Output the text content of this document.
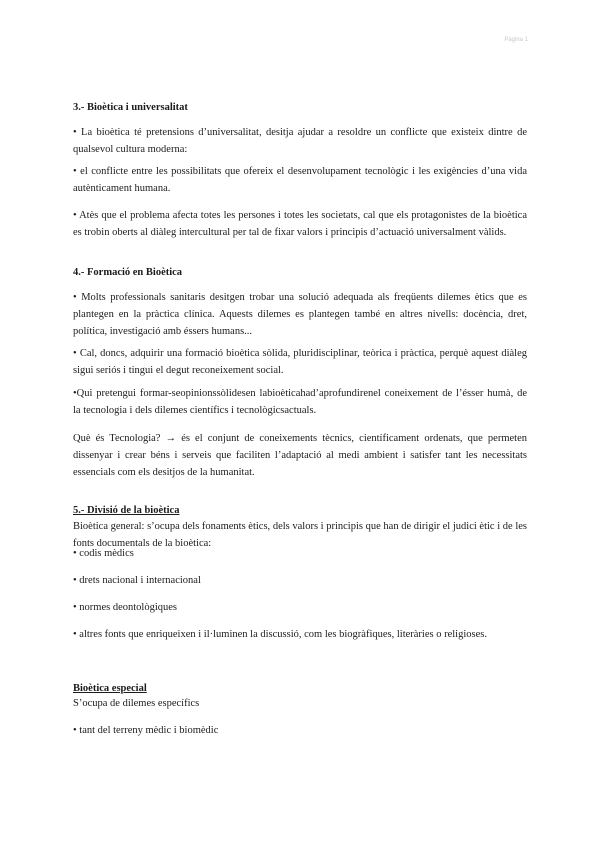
Pàgina 1
3.- Bioètica i universalitat

• La bioètica té pretensions d’universalitat, desitja ajudar a resoldre un conflicte que existeix dintre de qualsevol cultura moderna:

• el conflicte entre les possibilitats que ofereix el desenvolupament tecnològic i les exigències d’una vida autènticament humana.

• Atès que el problema afecta totes les persones i totes les societats, cal que els protagonistes de la bioètica es trobin oberts al diàleg intercultural per tal de fixar valors i principis d’actuació universalment vàlids.

4.- Formació en Bioètica

• Molts professionals sanitaris desitgen trobar una solució adequada als freqüents dilemes ètics que es plantegen en la pràctica clínica. Aquests dilemes es plantegen també en altres nivells: docència, dret, política, investigació amb éssers humans...

• Cal, doncs, adquirir una formació bioètica sòlida, pluridisciplinar, teòrica i pràctica, perquè aquest diàleg sigui seriós i tingui el degut reconeixement social.

•Qui pretengui formar-seopinionssòlidesen labioèticahad’aprofundirenel coneixement de l’ésser humà, de la tecnologia i dels dilemes científics i tecnològicsactuals.

Què és Tecnologia? → és el conjunt de coneixements tècnics, científicament ordenats, que permeten dissenyar i crear béns i serveis que faciliten l’adaptació al medi ambient i satisfer tant les necessitats essencials com els desitjos de la humanitat.

5.- Divisió de la bioètica

Bioètica general: s’ocupa dels fonaments ètics, dels valors i principis que han de dirigir el judici ètic i de les fonts documentals de la bioètica:

• codis mèdics

• drets nacional i internacional

• normes deontològiques

• altres fonts que enriqueixen i il·luminen la discussió, com les biogràfiques, literàries o religioses.

Bioètica especial

S’ocupa de dilemes específics

• tant del terreny mèdic i biomèdic
